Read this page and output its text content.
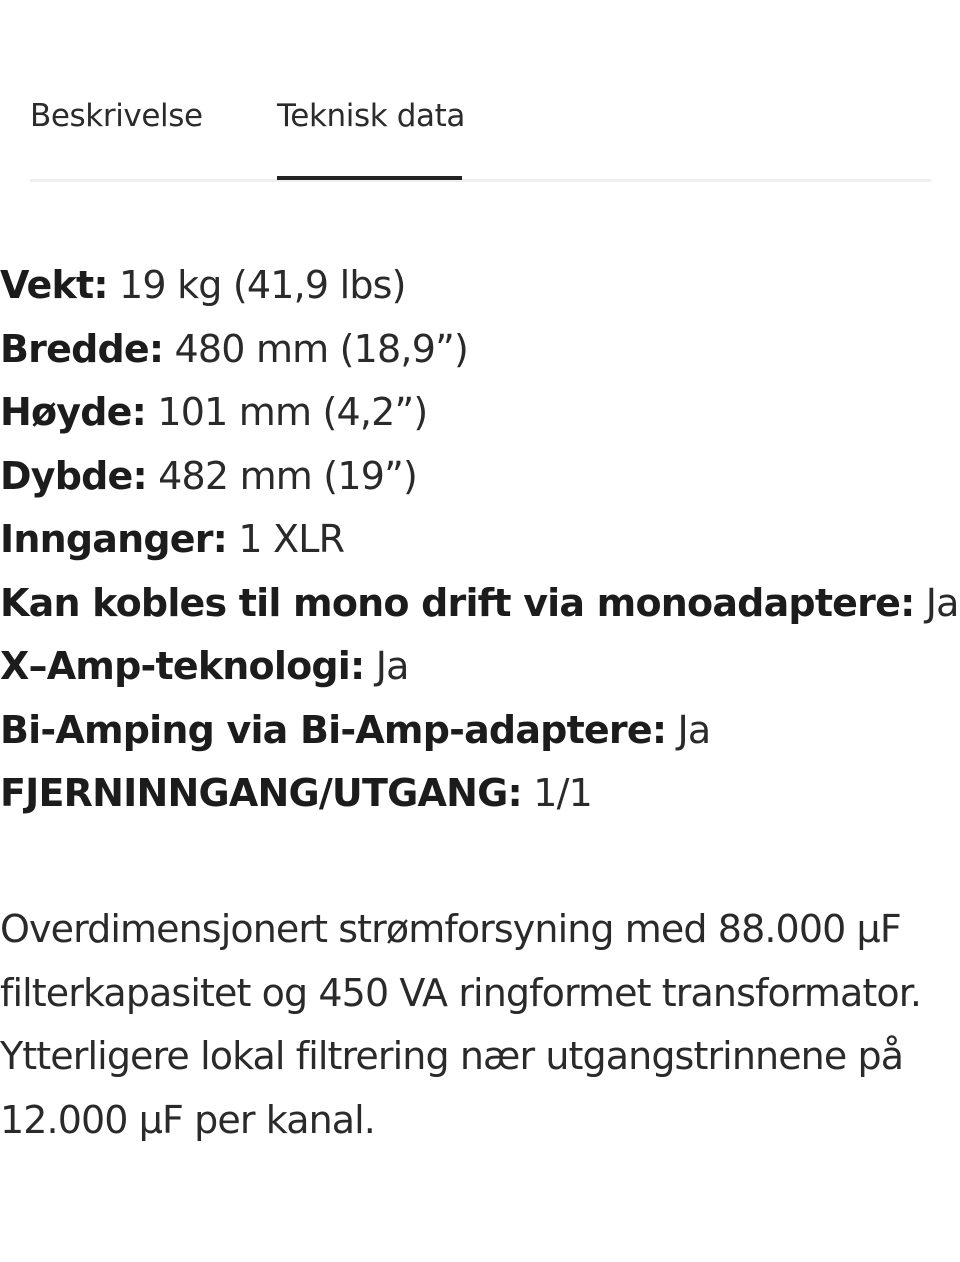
Beskrivelse Teknisk data
Vekt: 19 kg (41,9 lbs)
Bredde: 480 mm (18,9”)
Høyde: 101 mm (4,2”)
Dybde: 482 mm (19”)
Innganger: 1 XLR
Kan kobles til mono drift via monoadaptere: Ja
X–Amp-teknologi: Ja
Bi-Amping via Bi-Amp-adaptere: Ja
FJERNINNGANG/UTGANG: 1/1

Overdimensjonert strømforsyning med 88.000 µF
filterkapasitet og 450 VA ringformet transformator.
Ytterligere lokal filtrering nær utgangstrinnene på
12.000 µF per kanal.
